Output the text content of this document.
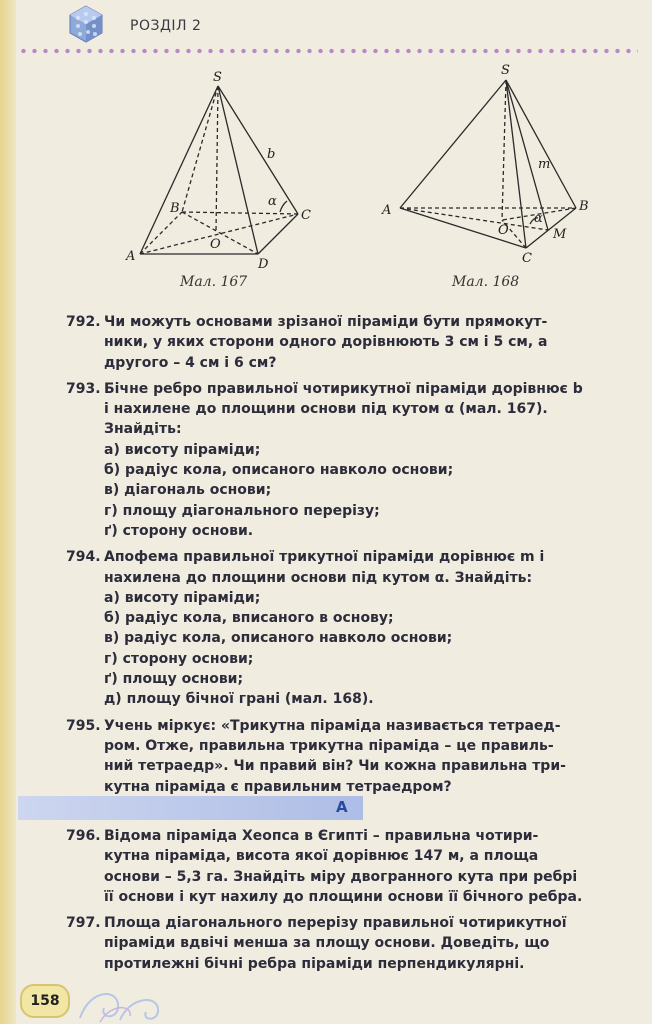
РОЗДІЛ 2
S
A
B	C
D
O
b
α
S
A	B
C
O	M
m
α
Мал. 167	Мал. 168
792. Чи можуть основами зрізаної піраміди бути прямокут-
ники, у яких сторони одного дорівнюють 3 см і 5 см, а
другого – 4 см і 6 см?
793. Бічне ребро правильної чотирикутної піраміди дорівнює b
і нахилене до площини основи під кутом α (мал. 167).
Знайдіть:
а) висоту піраміди;
б) радіус кола, описаного навколо основи;
в) діагональ основи;
г) площу діагонального перерізу;
ґ) сторону основи.
794. Апофема правильної трикутної піраміди дорівнює m і
нахилена до площини основи під кутом α. Знайдіть:
а) висоту піраміди;
б) радіус кола, вписаного в основу;
в) радіус кола, описаного навколо основи;
г) сторону основи;
ґ) площу основи;
д) площу бічної грані (мал. 168).
795. Учень міркує: «Трикутна піраміда називається тетраед-
ром. Отже, правильна трикутна піраміда – це правиль-
ний тетраедр». Чи правий він? Чи кожна правильна три-
кутна піраміда є правильним тетраедром?
А
796. Відома піраміда Хеопса в Єгипті – правильна чотири-
кутна піраміда, висота якої дорівнює 147 м, а площа
основи – 5,3 га. Знайдіть міру двогранного кута при ребрі
її основи і кут нахилу до площини основи її бічного ребра.
797. Площа діагонального перерізу правильної чотирикутної
піраміди вдвічі менша за площу основи. Доведіть, що
протилежні бічні ребра піраміди перпендикулярні.
158
